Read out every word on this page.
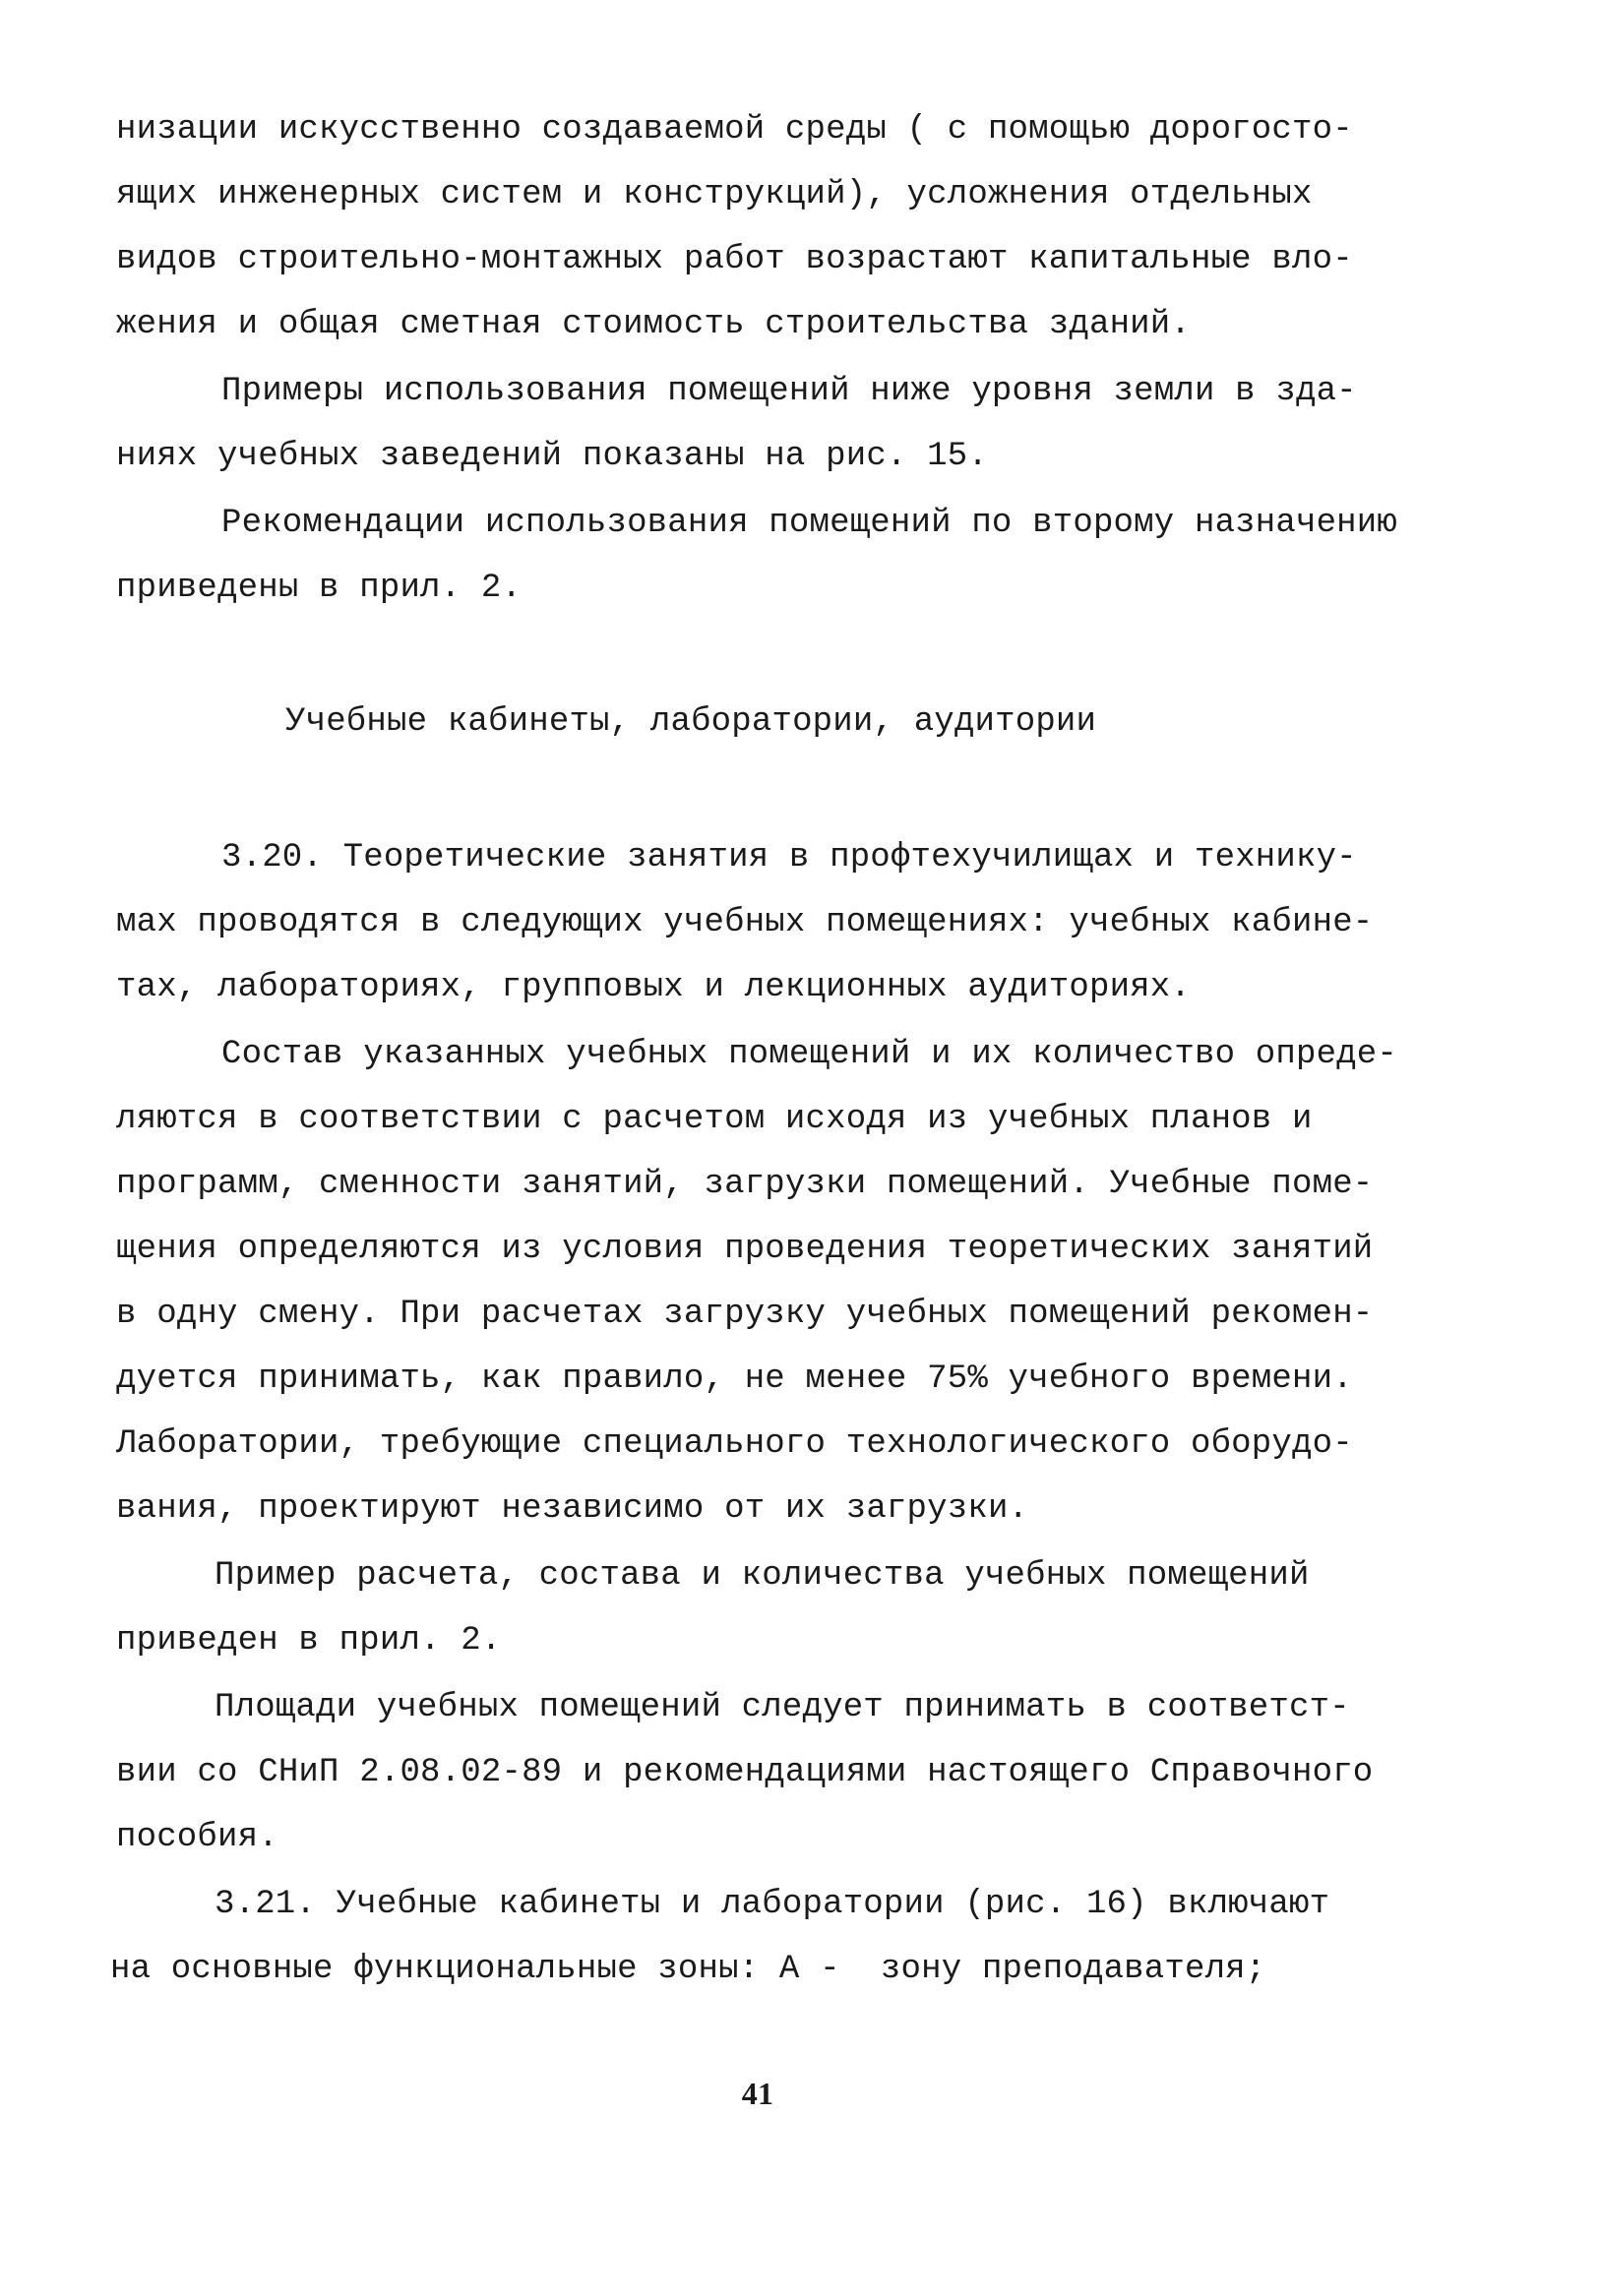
низации искусственно создаваемой среды ( с помощью дорогосто-
ящих инженерных систем и конструкций), усложнения отдельных
видов строительно-монтажных работ возрастают капитальные вло-
жения и общая сметная стоимость строительства зданий.
Примеры использования помещений ниже уровня земли в зда-
ниях учебных заведений показаны на рис. 15.
Рекомендации использования помещений по второму назначению
приведены в прил. 2.
Учебные кабинеты, лаборатории, аудитории
3.20. Теоретические занятия в профтехучилищах и технику-
мах проводятся в следующих учебных помещениях: учебных кабине-
тах, лабораториях, групповых и лекционных аудиториях.
Состав указанных учебных помещений и их количество опреде-
ляются в соответствии с расчетом исходя из учебных планов и
программ, сменности занятий, загрузки помещений. Учебные поме-
щения определяются из условия проведения теоретических занятий
в одну смену. При расчетах загрузку учебных помещений рекомен-
дуется принимать, как правило, не менее 75% учебного времени.
Лаборатории, требующие специального технологического оборудо-
вания, проектируют независимо от их загрузки.
Пример расчета, состава и количества учебных помещений
приведен в прил. 2.
Площади учебных помещений следует принимать в соответст-
вии со СНиП 2.08.02-89 и рекомендациями настоящего Справочного
пособия.
3.21. Учебные кабинеты и лаборатории (рис. 16) включают
на основные функциональные зоны: А -  зону преподавателя;
41
